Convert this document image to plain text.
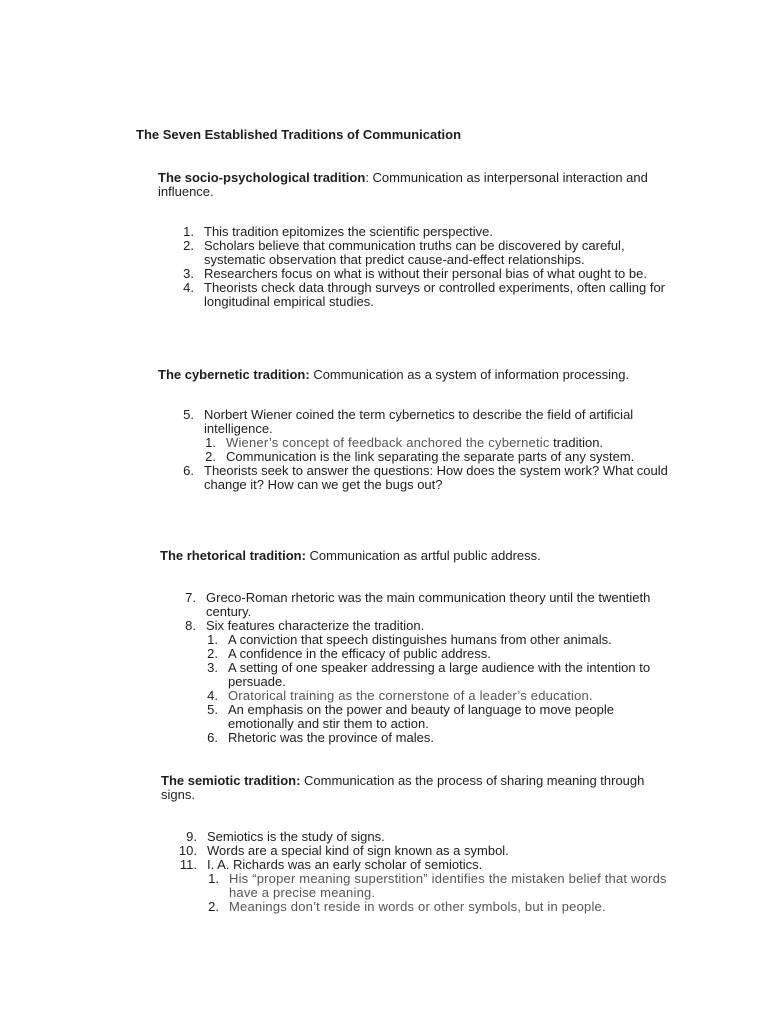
The Seven Established Traditions of Communication
The socio-psychological tradition: Communication as interpersonal interaction and influence.
1. This tradition epitomizes the scientific perspective.
2. Scholars believe that communication truths can be discovered by careful, systematic observation that predict cause-and-effect relationships.
3. Researchers focus on what is without their personal bias of what ought to be.
4. Theorists check data through surveys or controlled experiments, often calling for longitudinal empirical studies.
The cybernetic tradition: Communication as a system of information processing.
5. Norbert Wiener coined the term cybernetics to describe the field of artificial intelligence.
1. Wiener’s concept of feedback anchored the cybernetic tradition.
2. Communication is the link separating the separate parts of any system.
6. Theorists seek to answer the questions: How does the system work? What could change it? How can we get the bugs out?
The rhetorical tradition: Communication as artful public address.
7. Greco-Roman rhetoric was the main communication theory until the twentieth century.
8. Six features characterize the tradition.
1. A conviction that speech distinguishes humans from other animals.
2. A confidence in the efficacy of public address.
3. A setting of one speaker addressing a large audience with the intention to persuade.
4. Oratorical training as the cornerstone of a leader’s education.
5. An emphasis on the power and beauty of language to move people emotionally and stir them to action.
6. Rhetoric was the province of males.
The semiotic tradition: Communication as the process of sharing meaning through signs.
9. Semiotics is the study of signs.
10. Words are a special kind of sign known as a symbol.
11. I. A. Richards was an early scholar of semiotics.
1. His “proper meaning superstition” identifies the mistaken belief that words have a precise meaning.
2. Meanings don’t reside in words or other symbols, but in people.
